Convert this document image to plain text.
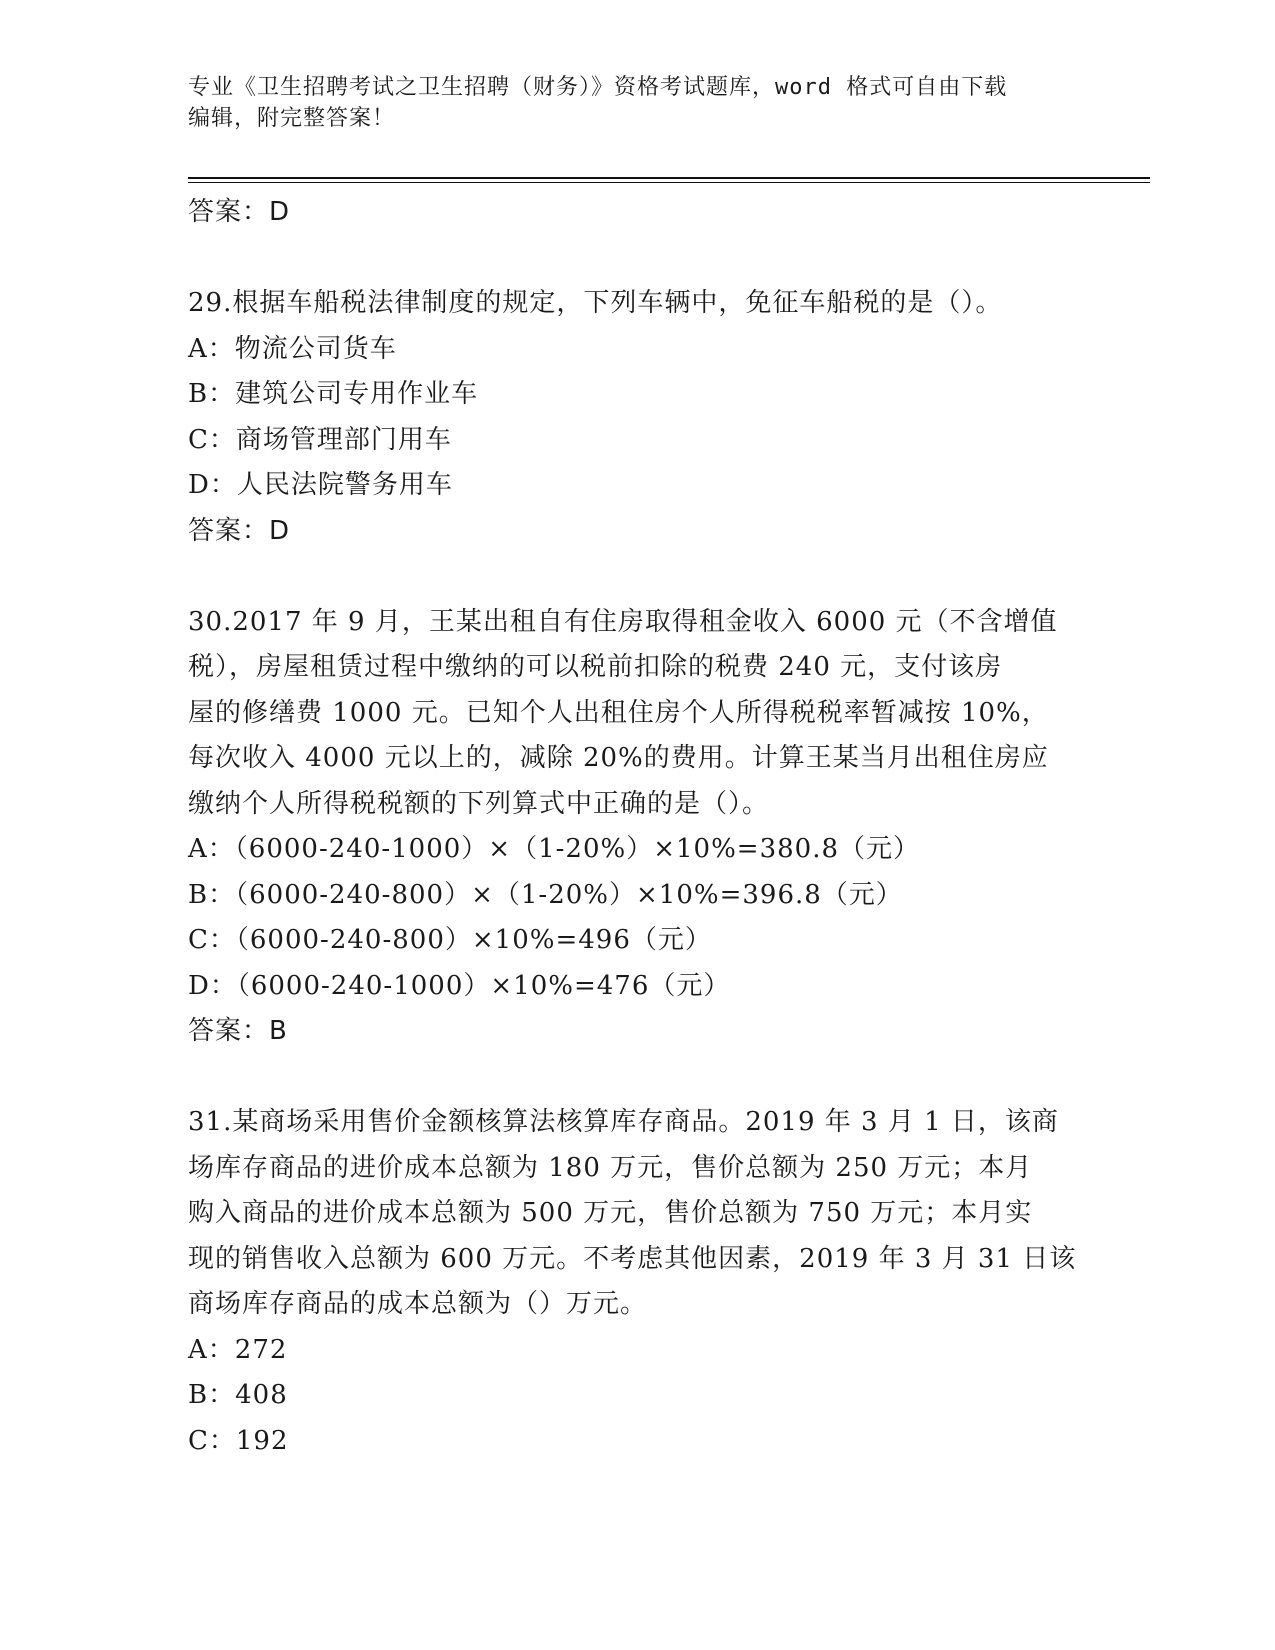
专业《卫生招聘考试之卫生招聘（财务）》资格考试题库，word 格式可自由下载
编辑，附完整答案！
答案：D
29.根据车船税法律制度的规定，下列车辆中，免征车船税的是（）。
A：物流公司货车
B：建筑公司专用作业车
C：商场管理部门用车
D：人民法院警务用车
答案：D
30.2017 年 9 月，王某出租自有住房取得租金收入 6000 元（不含增值
税），房屋租赁过程中缴纳的可以税前扣除的税费 240 元，支付该房
屋的修缮费 1000 元。已知个人出租住房个人所得税税率暂减按 10%，
每次收入 4000 元以上的，减除 20%的费用。计算王某当月出租住房应
缴纳个人所得税税额的下列算式中正确的是（）。
A：（6000-240-1000）×（1-20%）×10%=380.8（元）
B：（6000-240-800）×（1-20%）×10%=396.8（元）
C：（6000-240-800）×10%=496（元）
D：（6000-240-1000）×10%=476（元）
答案：B
31.某商场采用售价金额核算法核算库存商品。2019 年 3 月 1 日，该商
场库存商品的进价成本总额为 180 万元，售价总额为 250 万元；本月
购入商品的进价成本总额为 500 万元，售价总额为 750 万元；本月实
现的销售收入总额为 600 万元。不考虑其他因素，2019 年 3 月 31 日该
商场库存商品的成本总额为（）万元。
A：272
B：408
C：192
